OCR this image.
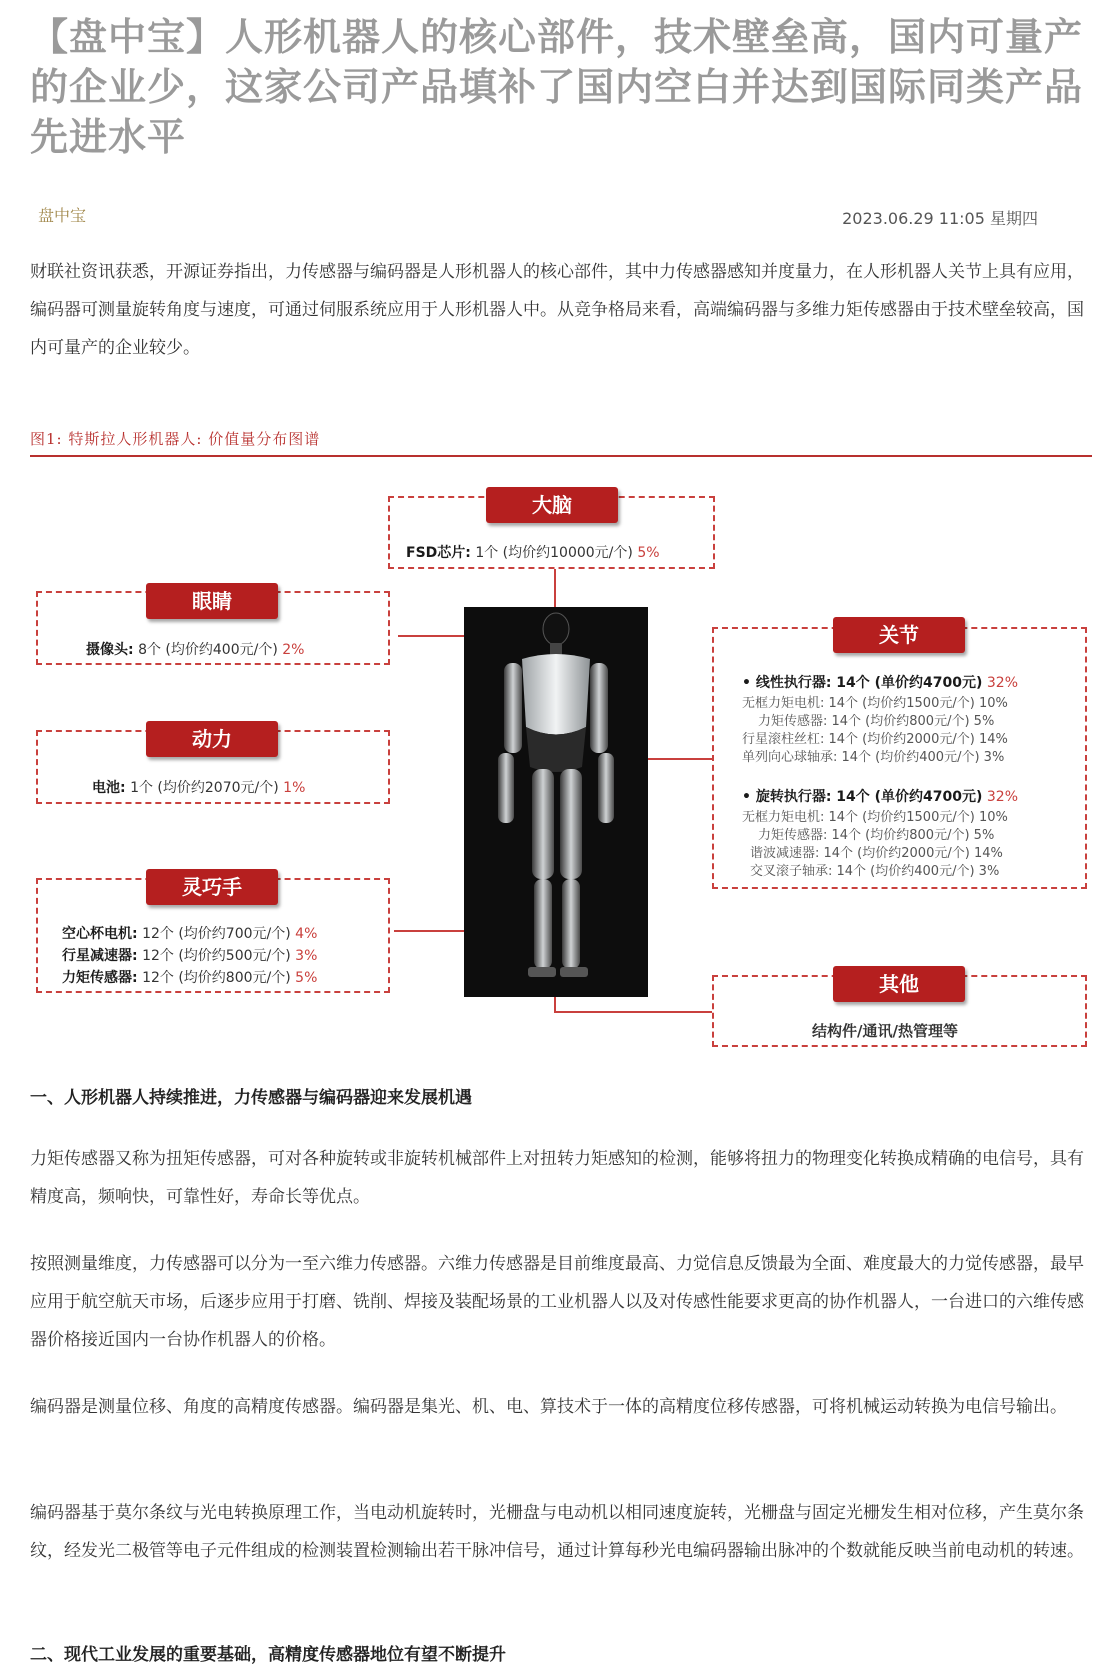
【盘中宝】人形机器人的核心部件，技术壁垒高，国内可量产的企业少，这家公司产品填补了国内空白并达到国际同类产品先进水平
盘中宝	2023.06.29 11:05 星期四

财联社资讯获悉，开源证券指出，力传感器与编码器是人形机器人的核心部件，其中力传感器感知并度量力，在人形机器人关节上具有应用，编码器可测量旋转角度与速度，可通过伺服系统应用于人形机器人中。从竞争格局来看，高端编码器与多维力矩传感器由于技术壁垒较高，国内可量产的企业较少。

图1: 特斯拉人形机器人: 价值量分布图谱
大脑
FSD芯片: 1个 (均价约10000元/个) 5%
眼睛
摄像头: 8个 (均价约400元/个) 2%
动力
电池: 1个 (均价约2070元/个) 1%
灵巧手
空心杯电机: 12个 (均价约700元/个) 4%
行星减速器: 12个 (均价约500元/个) 3%
力矩传感器: 12个 (均价约800元/个) 5%
关节
• 线性执行器: 14个 (单价约4700元) 32%
无框力矩电机: 14个 (均价约1500元/个) 10%
力矩传感器: 14个 (均价约800元/个) 5%
行星滚柱丝杠: 14个 (均价约2000元/个) 14%
单列向心球轴承: 14个 (均价约400元/个) 3%
• 旋转执行器: 14个 (单价约4700元) 32%
无框力矩电机: 14个 (均价约1500元/个) 10%
力矩传感器: 14个 (均价约800元/个) 5%
谐波减速器: 14个 (均价约2000元/个) 14%
交叉滚子轴承: 14个 (均价约400元/个) 3%
其他
结构件/通讯/热管理等
一、人形机器人持续推进，力传感器与编码器迎来发展机遇

力矩传感器又称为扭矩传感器，可对各种旋转或非旋转机械部件上对扭转力矩感知的检测，能够将扭力的物理变化转换成精确的电信号，具有精度高，频响快，可靠性好，寿命长等优点。

按照测量维度，力传感器可以分为一至六维力传感器。六维力传感器是目前维度最高、力觉信息反馈最为全面、难度最大的力觉传感器，最早应用于航空航天市场，后逐步应用于打磨、铣削、焊接及装配场景的工业机器人以及对传感性能要求更高的协作机器人，一台进口的六维传感器价格接近国内一台协作机器人的价格。

编码器是测量位移、角度的高精度传感器。编码器是集光、机、电、算技术于一体的高精度位移传感器，可将机械运动转换为电信号输出。

编码器基于莫尔条纹与光电转换原理工作，当电动机旋转时，光栅盘与电动机以相同速度旋转，光栅盘与固定光栅发生相对位移，产生莫尔条纹，经发光二极管等电子元件组成的检测装置检测输出若干脉冲信号，通过计算每秒光电编码器输出脉冲的个数就能反映当前电动机的转速。

二、现代工业发展的重要基础，高精度传感器地位有望不断提升
